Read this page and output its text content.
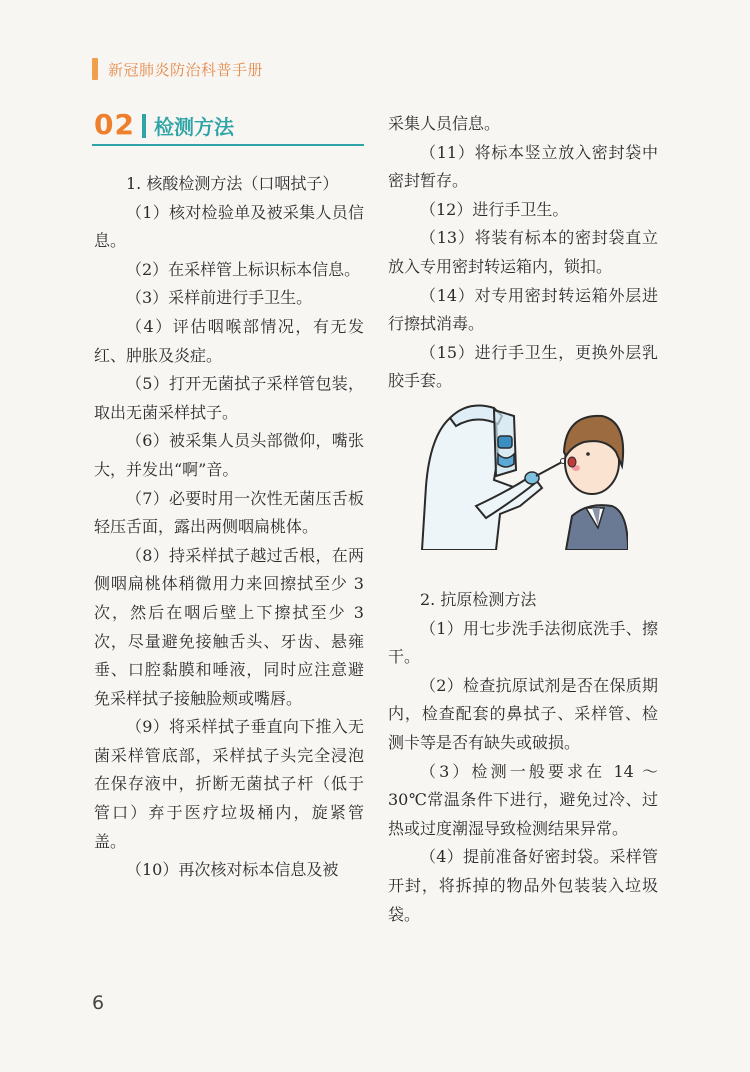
新冠肺炎防治科普手册
02 检测方法

1. 核酸检测方法（口咽拭子）

（1）核对检验单及被采集人员信息。

（2）在采样管上标识标本信息。

（3）采样前进行手卫生。

（4）评估咽喉部情况，有无发红、肿胀及炎症。

（5）打开无菌拭子采样管包装，取出无菌采样拭子。

（6）被采集人员头部微仰，嘴张大，并发出“啊”音。

（7）必要时用一次性无菌压舌板轻压舌面，露出两侧咽扁桃体。

（8）持采样拭子越过舌根，在两侧咽扁桃体稍微用力来回擦拭至少 3 次，然后在咽后壁上下擦拭至少 3 次，尽量避免接触舌头、牙齿、悬雍垂、口腔黏膜和唾液，同时应注意避免采样拭子接触脸颊或嘴唇。

（9）将采样拭子垂直向下推入无菌采样管底部，采样拭子头完全浸泡在保存液中，折断无菌拭子杆（低于管口）弃于医疗垃圾桶内，旋紧管盖。

（10）再次核对标本信息及被

采集人员信息。

（11）将标本竖立放入密封袋中密封暂存。

（12）进行手卫生。

（13）将装有标本的密封袋直立放入专用密封转运箱内，锁扣。

（14）对专用密封转运箱外层进行擦拭消毒。

（15）进行手卫生，更换外层乳胶手套。

2. 抗原检测方法

（1）用七步洗手法彻底洗手、擦干。

（2）检查抗原试剂是否在保质期内，检查配套的鼻拭子、采样管、检测卡等是否有缺失或破损。

（3）检测一般要求在 14 ～ 30℃常温条件下进行，避免过冷、过热或过度潮湿导致检测结果异常。

（4）提前准备好密封袋。采样管开封，将拆掉的物品外包装装入垃圾袋。

6
